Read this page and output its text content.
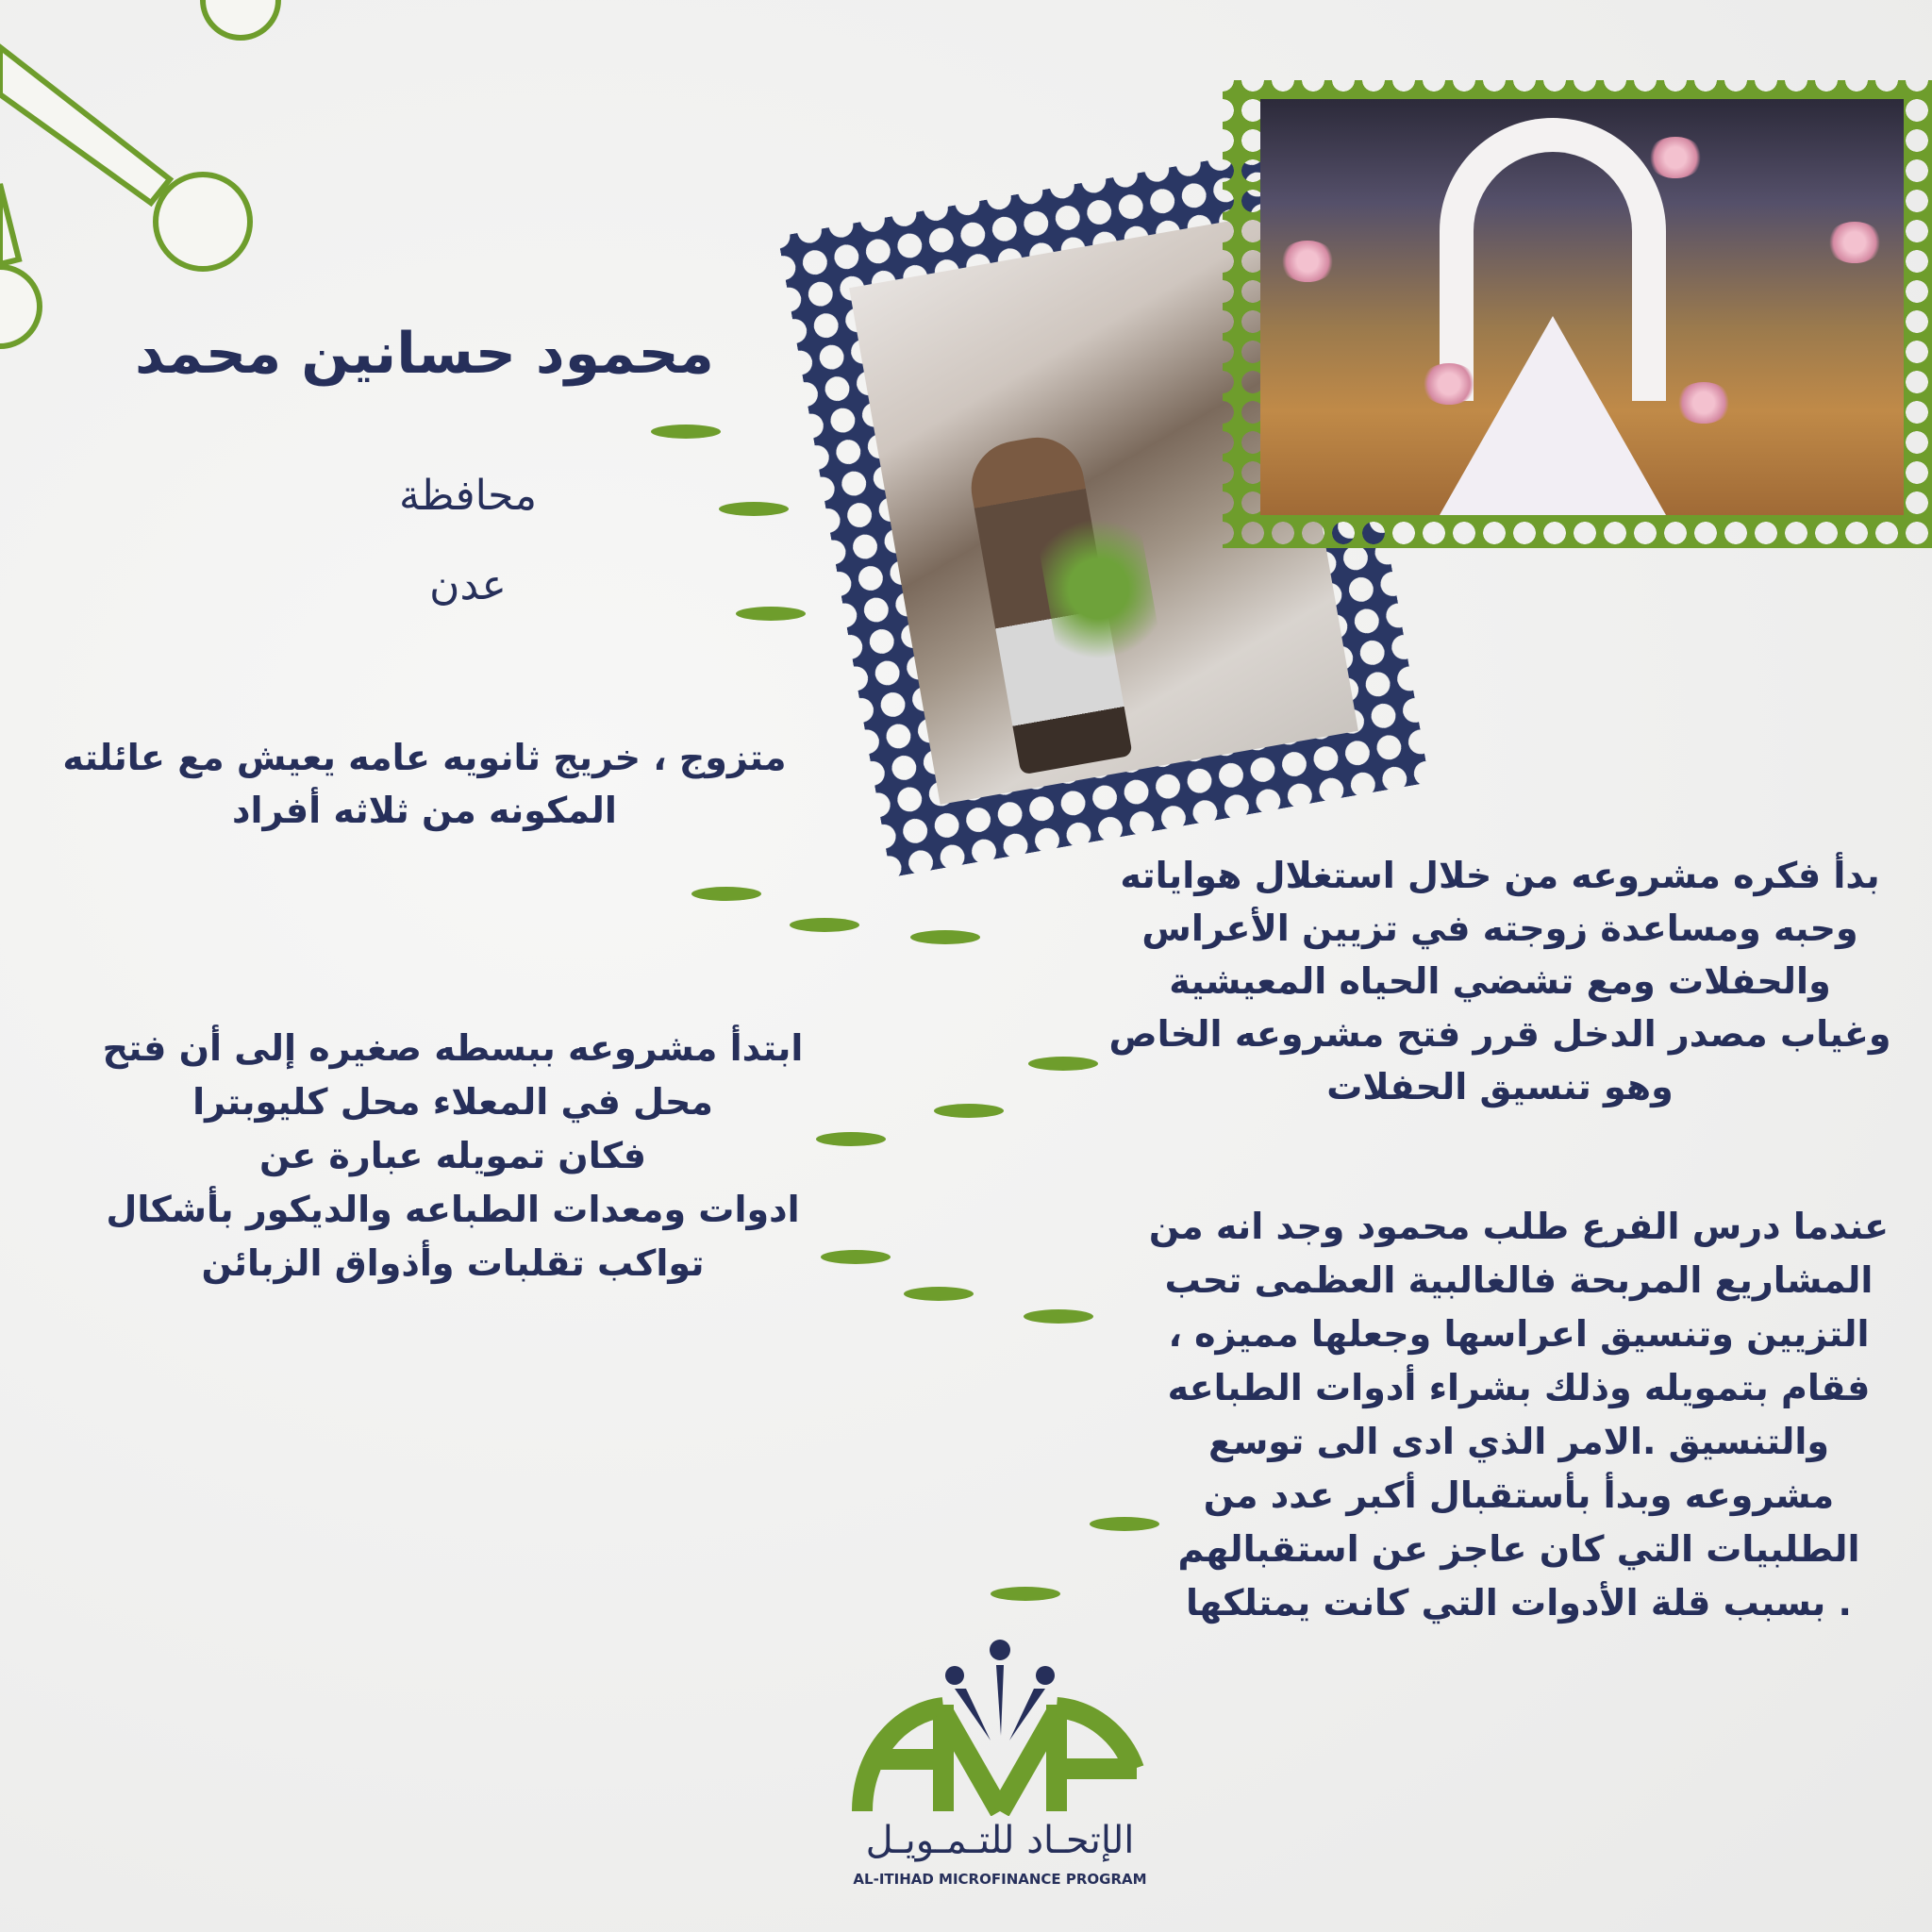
محمود حسانين محمد
محافظة
عدن
متزوج ، خريج ثانويه عامه يعيش مع عائلته
المكونه من ثلاثه أفراد
ابتدأ مشروعه ببسطه صغيره إلى أن فتح
محل في المعلاء محل كليوبترا
فكان تمويله عبارة عن
ادوات ومعدات الطباعه والديكور بأشكال
تواكب تقلبات وأذواق الزبائن
بدأ فكره مشروعه من خلال استغلال هواياته
وحبه ومساعدة زوجته في تزيين الأعراس
والحفلات ومع تشضي الحياه المعيشية
وغياب مصدر الدخل قرر فتح مشروعه الخاص
وهو تنسيق الحفلات
عندما درس الفرع طلب محمود وجد انه من
المشاريع المربحة فالغالبية العظمى تحب
التزيين وتنسيق اعراسها وجعلها مميزه ،
فقام بتمويله وذلك بشراء أدوات الطباعه
والتنسيق .الامر الذي ادى الى توسع
مشروعه وبدأ بأستقبال أكبر عدد من
الطلبيات التي كان عاجز عن استقبالهم
. بسبب قلة الأدوات التي كانت يمتلكها
الإتحـاد للتـمـويـل
AL-ITIHAD MICROFINANCE PROGRAM
